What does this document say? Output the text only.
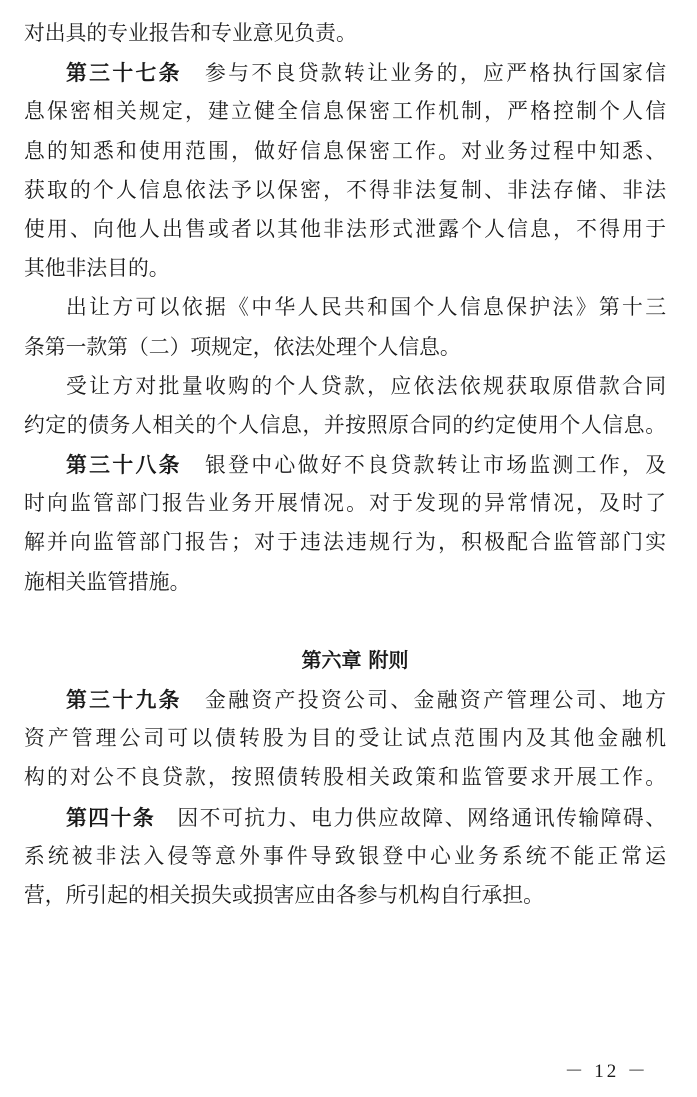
对出具的专业报告和专业意见负责。
第三十七条　 参与不良贷款转让业务的，应严格执行国家信
息保密相关规定，建立健全信息保密工作机制，严格控制个人信
息的知悉和使用范围，做好信息保密工作。对业务过程中知悉、
获取的个人信息依法予以保密，不得非法复制、非法存储、非法
使用、向他人出售或者以其他非法形式泄露个人信息，不得用于
其他非法目的。
出让方可以依据《中华人民共和国个人信息保护法》第十三
条第一款第（二）项规定，依法处理个人信息。
受让方对批量收购的个人贷款，应依法依规获取原借款合同
约定的债务人相关的个人信息，并按照原合同的约定使用个人信息。
第三十八条　 银登中心做好不良贷款转让市场监测工作，及
时向监管部门报告业务开展情况。对于发现的异常情况，及时了
解并向监管部门报告；对于违法违规行为，积极配合监管部门实
施相关监管措施。
第六章 附则
第三十九条　 金融资产投资公司、金融资产管理公司、地方
资产管理公司可以债转股为目的受让试点范围内及其他金融机
构的对公不良贷款，按照债转股相关政策和监管要求开展工作。
第四十条　 因不可抗力、电力供应故障、网络通讯传输障碍、
系统被非法入侵等意外事件导致银登中心业务系统不能正常运
营，所引起的相关损失或损害应由各参与机构自行承担。
－ 12 －
